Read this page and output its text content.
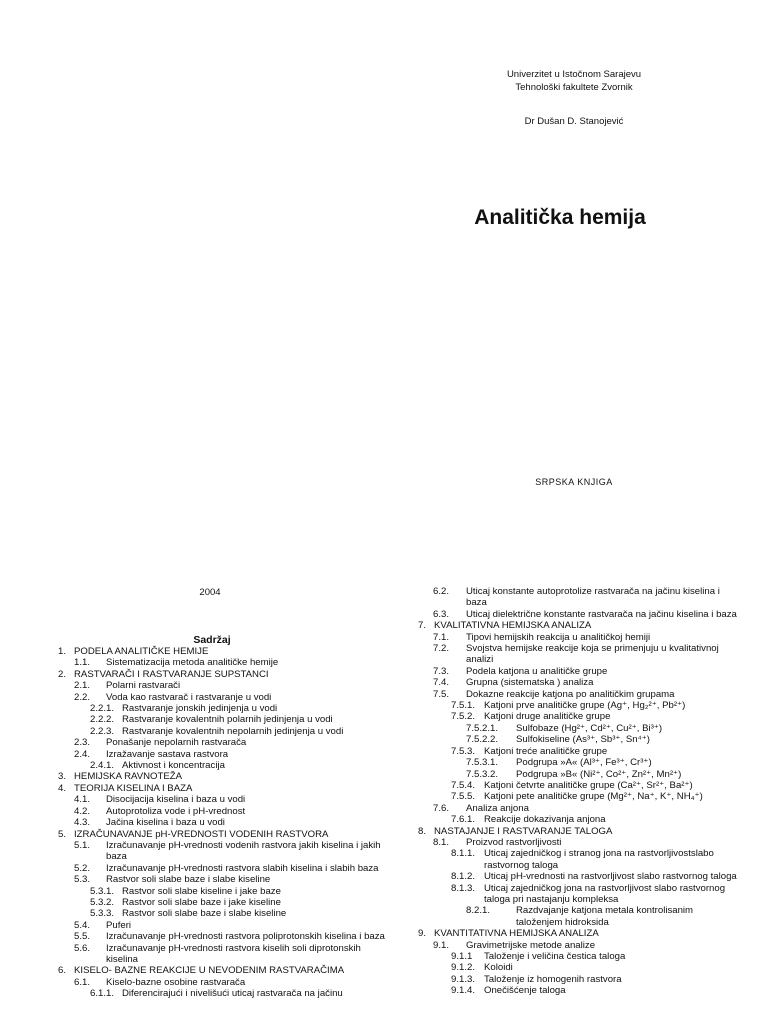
Univerzitet u Istočnom Sarajevu
Tehnološki fakultete Zvornik
Dr Dušan D. Stanojević
Analitička hemija
SRPSKA KNJIGA
2004
Sadržaj
1. PODELA ANALITIČKE HEMIJE
1.1. Sistematizacija metoda analitičke hemije
2. RASTVARAČI I RASTVARANJE SUPSTANCI
2.1. Polarni rastvarači
2.2. Voda kao rastvarač i rastvaranje u vodi
2.2.1. Rastvaranje jonskih jedinjenja u vodi
2.2.2. Rastvaranje kovalentnih polarnih jedinjenja u vodi
2.2.3. Rastvaranje kovalentnih nepolarnih jedinjenja u vodi
2.3. Ponašanje nepolarnih rastvarača
2.4. Izražavanje sastava rastvora
2.4.1. Aktivnost i koncentracija
3. HEMIJSKA RAVNOTEŽA
4. TEORIJA KISELINA I BAZA
4.1. Disocijacija kiselina i baza u vodi
4.2. Autoprotoliza vode i pH-vrednost
4.3. Jačina kiselina i baza u vodi
5. IZRAČUNAVANJE pH-VREDNOSTI VODENIH RASTVORA
5.1. Izračunavanje pH-vrednosti vodenih rastvora jakih kiselina i jakih baza
5.2. Izračunavanje pH-vrednosti rastvora slabih kiselina i slabih baza
5.3. Rastvor soli slabe baze i slabe kiseline
5.3.1. Rastvor soli slabe kiseline i jake baze
5.3.2. Rastvor soli slabe baze i jake kiseline
5.3.3. Rastvor soli slabe baze i slabe kiseline
5.4. Puferi
5.5. Izračunavanje pH-vrednosti rastvora poliprotonskih kiselina i baza
5.6. Izračunavanje pH-vrednosti rastvora kiselih soli diprotonskih kiselina
6. KISELO- BAZNE REAKCIJE U NEVODENIM RASTVARAČIMA
6.1. Kiselo-bazne osobine rastvarača
6.1.1. Diferencirajući i nivelišući uticaj rastvarača na jačinu
6.2. Uticaj konstante autoprotolize rastvarača na jačinu kiselina i baza
6.3. Uticaj dielektrične konstante rastvarača na jačinu kiselina i baza
7. KVALITATIVNA HEMIJSKA ANALIZA
7.1. Tipovi hemijskih reakcija u analitičkoj hemiji
7.2. Svojstva hemijske reakcije koja se primenjuju u kvalitativnoj analizi
7.3. Podela katjona u analitičke grupe
7.4. Grupna (sistematska ) analiza
7.5. Dokazne reakcije katjona po analitičkim grupama
7.5.1. Katjoni prve analitičke grupe (Ag⁺, Hg₂²⁺, Pb²⁺)
7.5.2. Katjoni druge analitičke grupe
7.5.2.1. Sulfobaze (Hg²⁺, Cd²⁺, Cu²⁺, Bi³⁺)
7.5.2.2. Sulfokiseline (As³⁺, Sb³⁺, Sn⁴⁺)
7.5.3. Katjoni treće analitičke grupe
7.5.3.1. Podgrupa »A« (Al³⁺, Fe³⁺, Cr³⁺)
7.5.3.2. Podgrupa »B« (Ni²⁺, Co²⁺, Zn²⁺, Mn²⁺)
7.5.4. Katjoni četvrte analitičke grupe (Ca²⁺, Sr²⁺, Ba²⁺)
7.5.5. Katjoni pete analitičke grupe (Mg²⁺, Na⁺, K⁺, NH₄⁺)
7.6. Analiza anjona
7.6.1. Reakcije dokazivanja anjona
8. NASTAJANJE I RASTVARANJE TALOGA
8.1. Proizvod rastvorljivosti
8.1.1. Uticaj zajedničkog i stranog jona na rastvorljivostslabo rastvornog taloga
8.1.2. Uticaj pH-vrednosti na rastvorljivost slabo rastvornog taloga
8.1.3. Uticaj zajedničkog jona na rastvorljivost slabo rastvornog taloga pri nastajanju kompleksa
8.2.1.	Razdvajanje katjona metala kontrolisanim taloženjem hidroksida
9. KVANTITATIVNA HEMIJSKA ANALIZA
9.1. Gravimetrijske metode analize
9.1.1 Taloženje i veličina čestica taloga
9.1.2. Koloidi
9.1.3. Taloženje iz homogenih rastvora
9.1.4. Onečišćenje taloga
